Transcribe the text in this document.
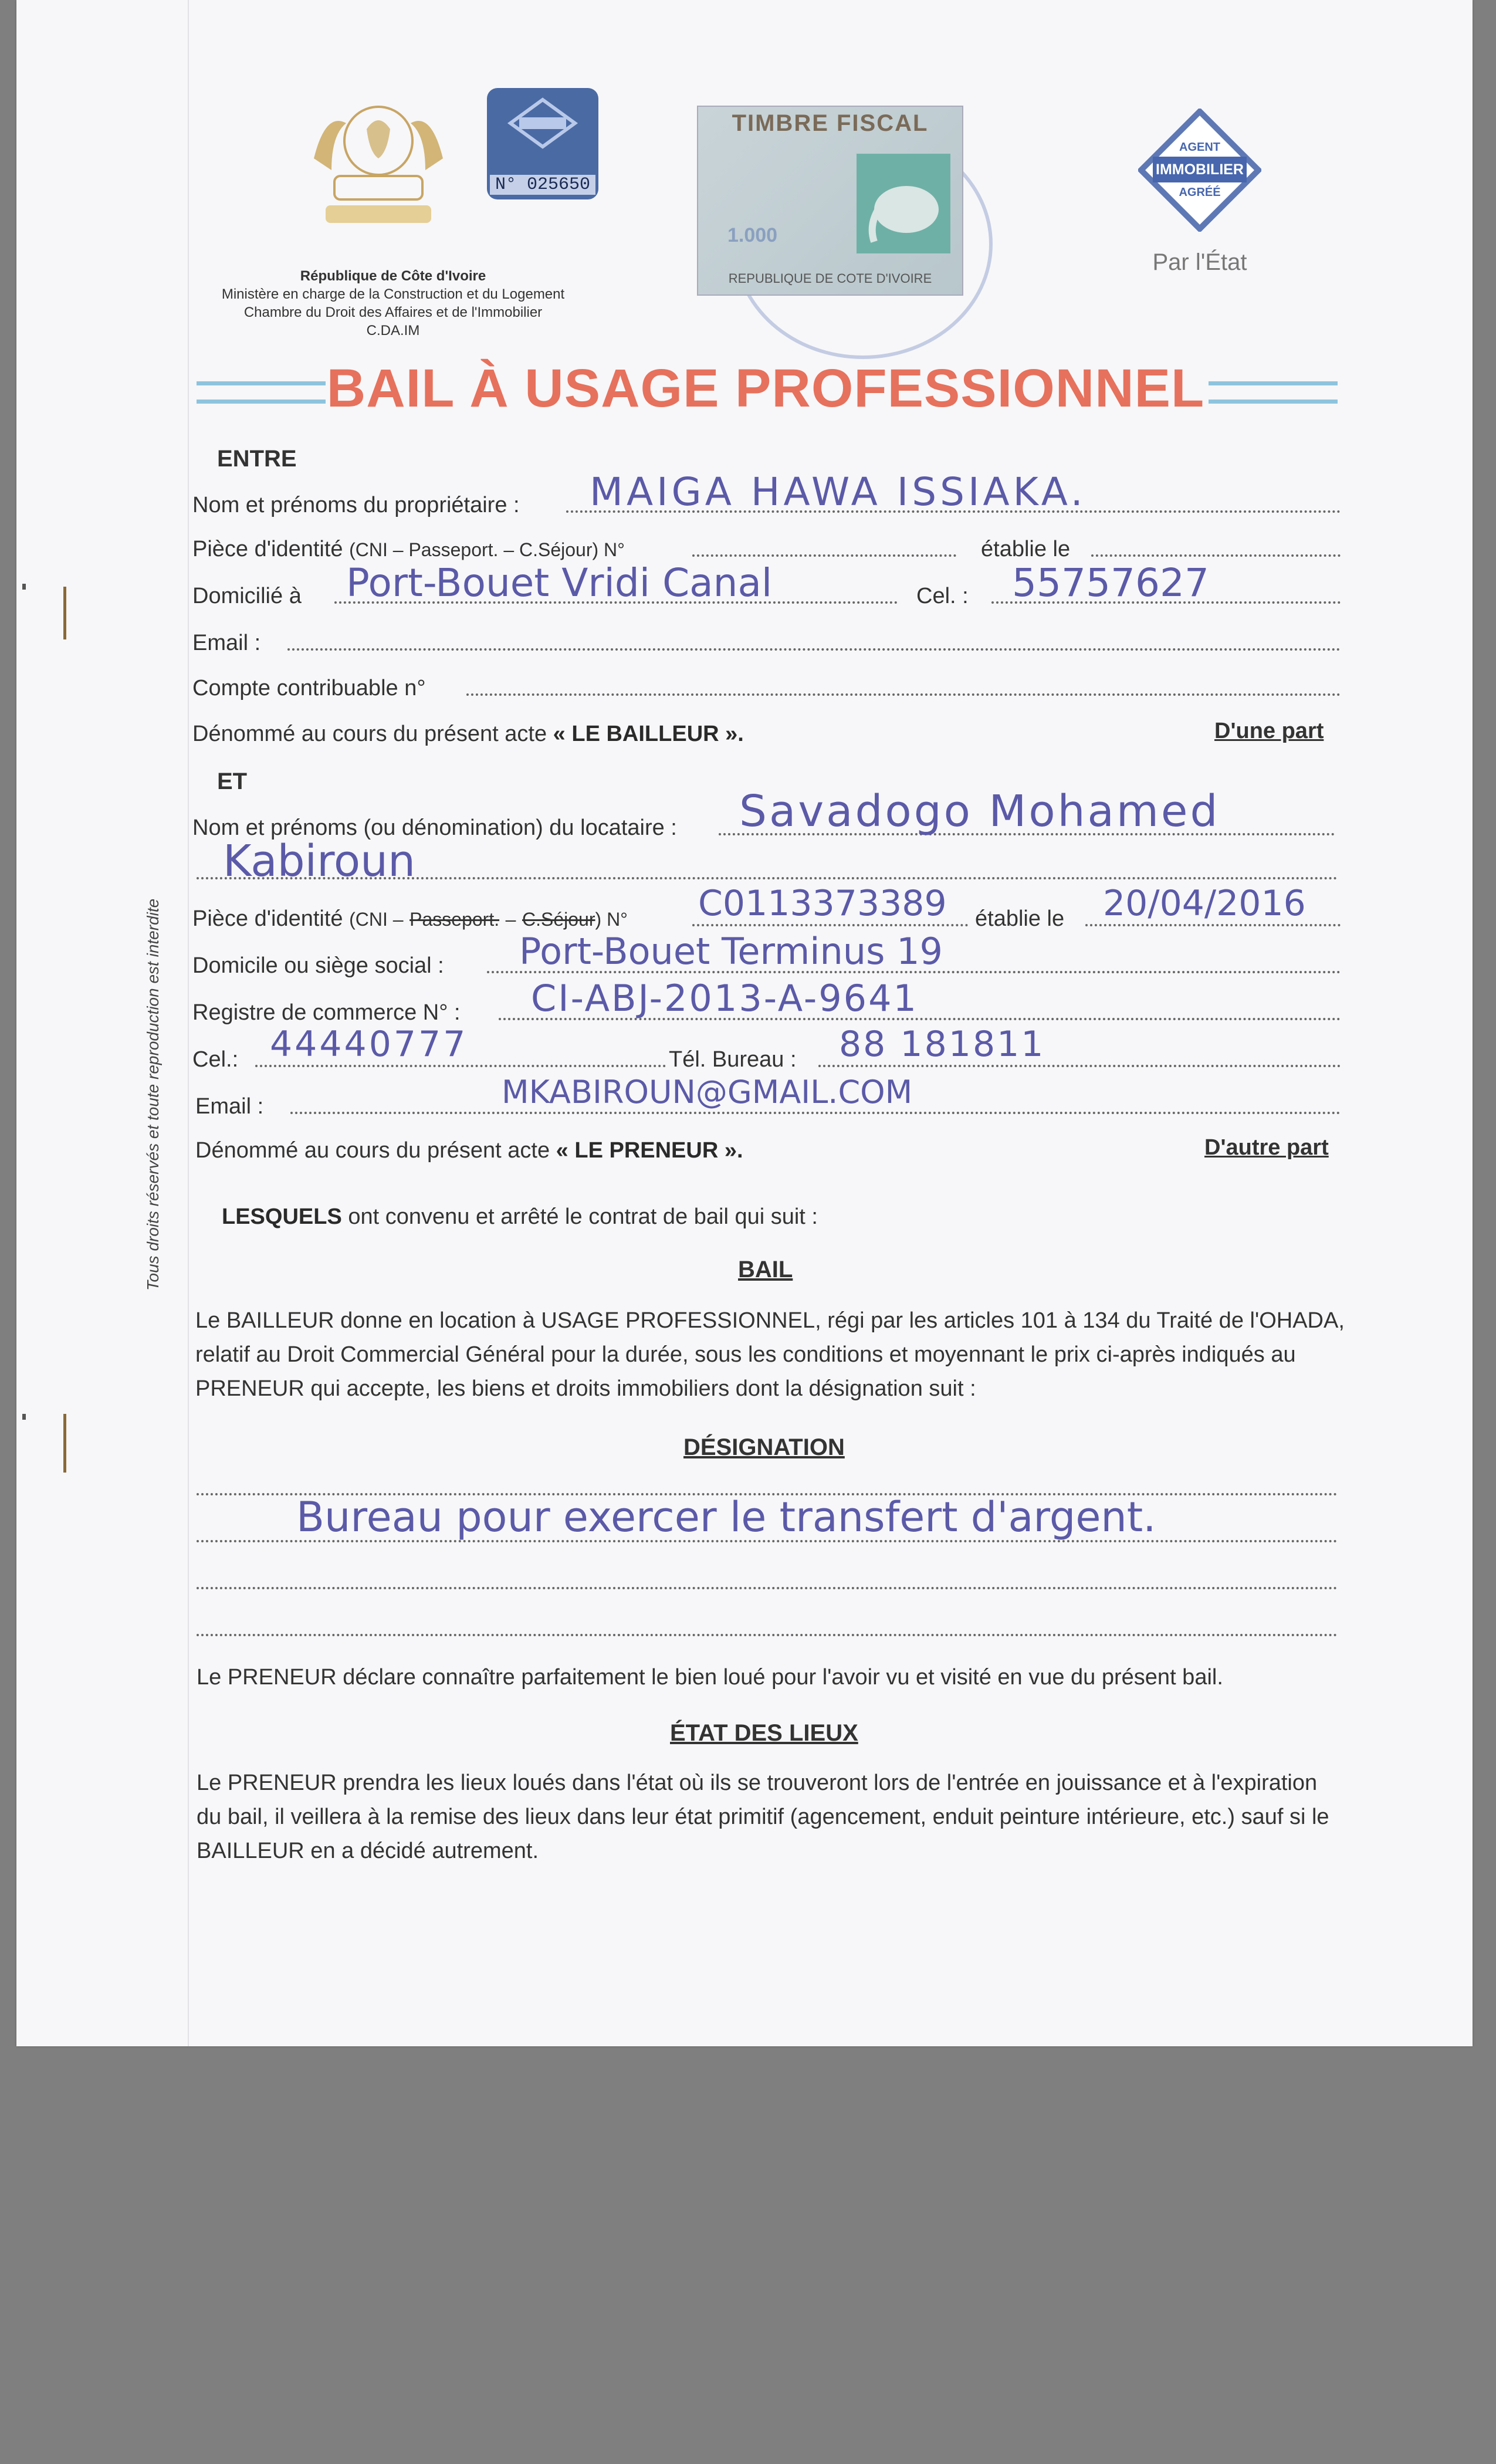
Tous droits réservés et toute reproduction est interdite
N° 025650
République de Côte d'Ivoire
Ministère en charge de la Construction et du Logement
Chambre du Droit des Affaires et de l'Immobilier
C.DA.IM
TIMBRE FISCAL
1.000
REPUBLIQUE DE COTE D'IVOIRE
AGENT
IMMOBILIER
AGRÉÉ
Par l'État
BAIL À USAGE PROFESSIONNEL
ENTRE
Nom et prénoms du propriétaire : MAIGA HAWA ISSIAKA.
Pièce d'identité (CNI – Passeport. – C.Séjour) N°	établie le
Domicilié à Port-Bouet Vridi Canal	Cel. : 55757627
Email :
Compte contribuable n°
Dénommé au cours du présent acte « LE BAILLEUR ».	D'une part
ET
Nom et prénoms (ou dénomination) du locataire : Savadogo Mohamed
Kabiroun
Pièce d'identité (CNI – Passeport. – C.Séjour) N° C0113373389 établie le 20/04/2016
Domicile ou siège social : Port-Bouet Terminus 19
Registre de commerce N° : CI-ABJ-2013-A-9641
Cel.: 44440777	Tél. Bureau : 88 181811
Email :	MKABIROUN@GMAIL.COM
Dénommé au cours du présent acte « LE PRENEUR ».	D'autre part
LESQUELS ont convenu et arrêté le contrat de bail qui suit :
BAIL
Le BAILLEUR donne en location à USAGE PROFESSIONNEL, régi par les articles 101 à 134 du Traité de l'OHADA, relatif au Droit Commercial Général pour la durée, sous les conditions et moyennant le prix ci-après indiqués au PRENEUR qui accepte, les biens et droits immobiliers dont la désignation suit :
DÉSIGNATION
Bureau pour exercer le transfert d'argent.
Le PRENEUR déclare connaître parfaitement le bien loué pour l'avoir vu et visité en vue du présent bail.
ÉTAT DES LIEUX
Le PRENEUR prendra les lieux loués dans l'état où ils se trouveront lors de l'entrée en jouissance et à l'expiration du bail, il veillera à la remise des lieux dans leur état primitif (agencement, enduit peinture intérieure, etc.) sauf si le BAILLEUR en a décidé autrement.
